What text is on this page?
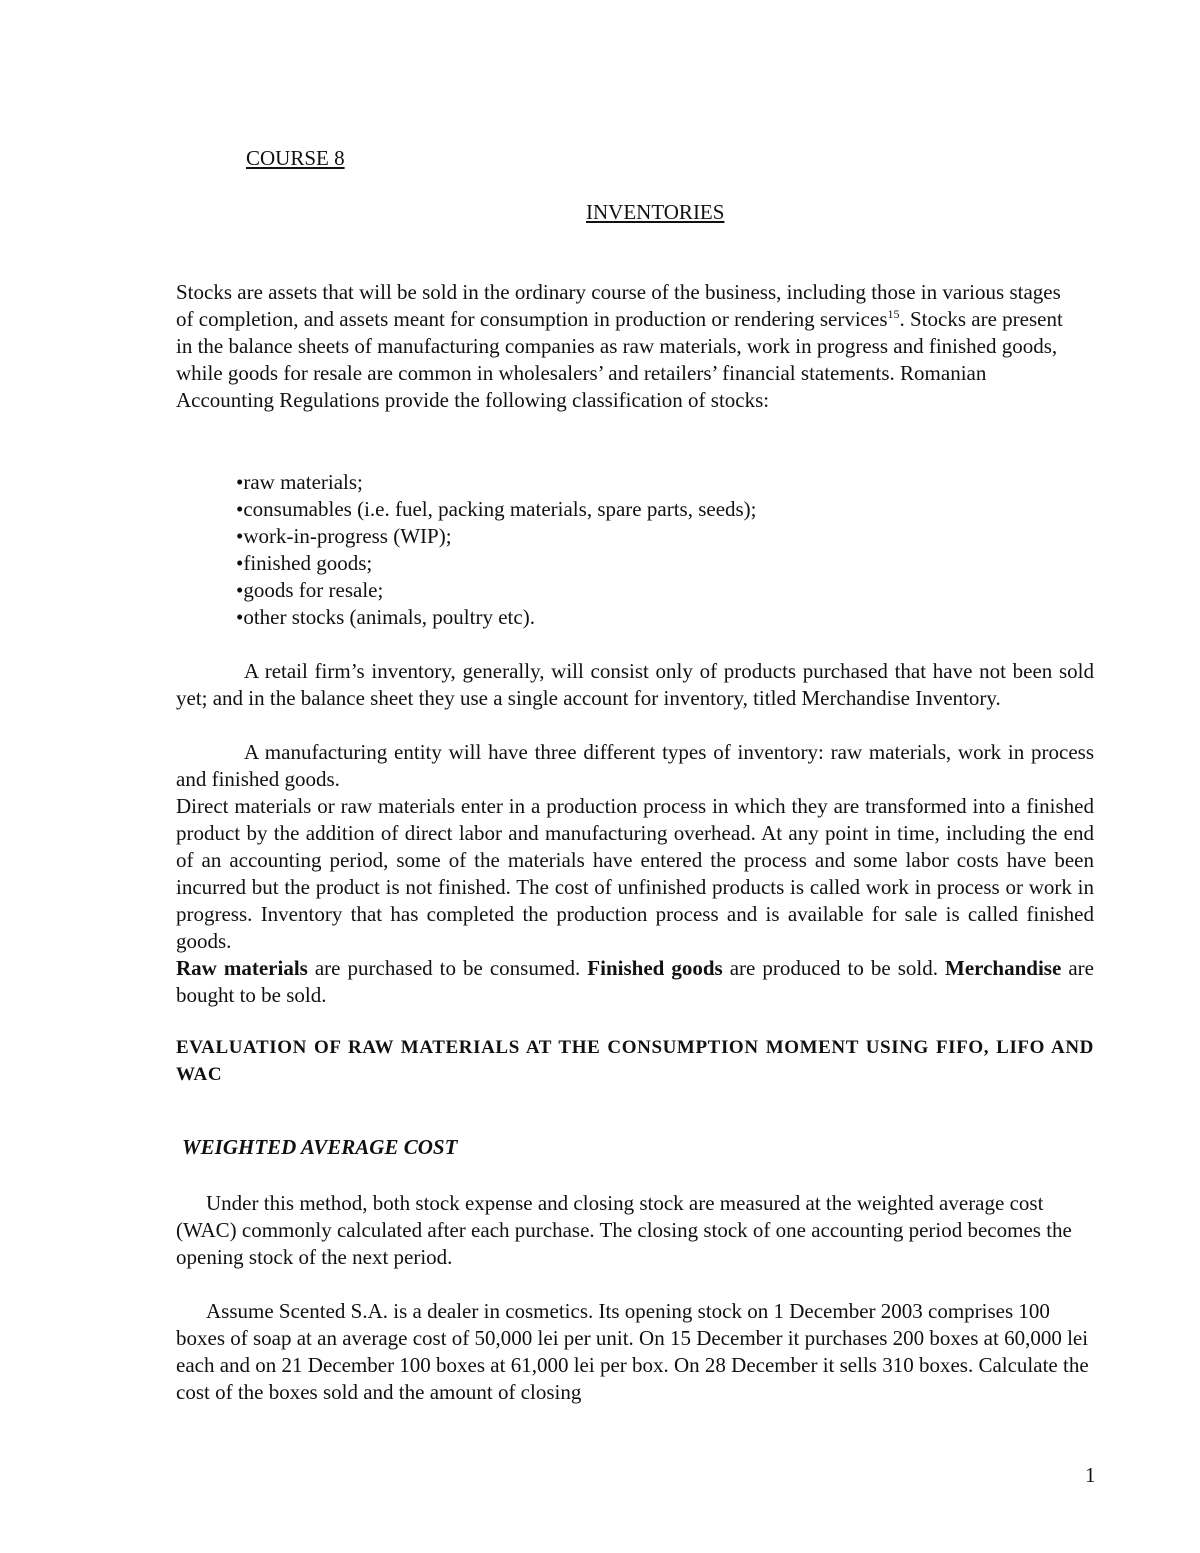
COURSE 8
INVENTORIES

Stocks are assets that will be sold in the ordinary course of the business, including those in various stages of completion, and assets meant for consumption in production or rendering services$^{15}$. Stocks are present in the balance sheets of manufacturing companies as raw materials, work in progress and finished goods, while goods for resale are common in wholesalers’ and retailers’ financial statements. Romanian Accounting Regulations provide the following classification of stocks:

•raw materials;
•consumables (i.e. fuel, packing materials, spare parts, seeds);
•work-in-progress (WIP);
•finished goods;
•goods for resale;
•other stocks (animals, poultry etc).

A retail firm’s inventory, generally, will consist only of products purchased that have not been sold yet; and in the balance sheet they use a single account for inventory, titled Merchandise Inventory.

A manufacturing entity will have three different types of inventory: raw materials, work in process and finished goods.

Direct materials or raw materials enter in a production process in which they are transformed into a finished product by the addition of direct labor and manufacturing overhead. At any point in time, including the end of an accounting period, some of the materials have entered the process and some labor costs have been incurred but the product is not finished. The cost of unfinished products is called work in process or work in progress. Inventory that has completed the production process and is available for sale is called finished goods.

Raw materials are purchased to be consumed. Finished goods are produced to be sold. Merchandise are bought to be sold.

EVALUATION OF RAW MATERIALS AT THE CONSUMPTION MOMENT USING FIFO, LIFO AND WAC

WEIGHTED AVERAGE COST

Under this method, both stock expense and closing stock are measured at the weighted average cost (WAC) commonly calculated after each purchase. The closing stock of one accounting period becomes the opening stock of the next period.

Assume Scented S.A. is a dealer in cosmetics. Its opening stock on 1 December 2003 comprises 100 boxes of soap at an average cost of 50,000 lei per unit. On 15 December it purchases 200 boxes at 60,000 lei each and on 21 December 100 boxes at 61,000 lei per box. On 28 December it sells 310 boxes. Calculate the cost of the boxes sold and the amount of closing

1
